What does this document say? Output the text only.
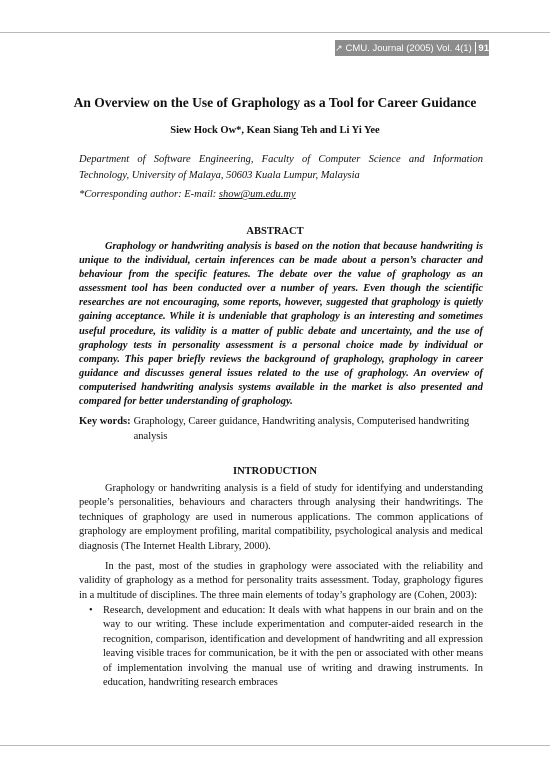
↗ CMU. Journal (2005) Vol. 4(1) 91
An Overview on the Use of Graphology as a Tool for Career Guidance
Siew Hock Ow*, Kean Siang Teh and Li Yi Yee
Department of Software Engineering, Faculty of Computer Science and Information Technology, University of Malaya, 50603 Kuala Lumpur, Malaysia
*Corresponding author: E-mail: show@um.edu.my
ABSTRACT

Graphology or handwriting analysis is based on the notion that because handwriting is unique to the individual, certain inferences can be made about a person’s character and behaviour from the specific features. The debate over the value of graphology as an assessment tool has been conducted over a number of years. Even though the scientific researches are not encouraging, some reports, however, suggested that graphology is quietly gaining acceptance. While it is undeniable that graphology is an interesting and sometimes useful procedure, its validity is a matter of public debate and uncertainty, and the use of graphology tests in personality assessment is a personal choice made by individual or company. This paper briefly reviews the background of graphology, graphology in career guidance and discusses general issues related to the use of graphology. An overview of computerised handwriting analysis systems available in the market is also presented and compared for better understanding of graphology.

Key words: Graphology, Career guidance, Handwriting analysis, Computerised handwriting analysis
INTRODUCTION

Graphology or handwriting analysis is a field of study for identifying and understanding people’s personalities, behaviours and characters through analysing their handwritings. The techniques of graphology are used in numerous applications. The common applications of graphology are employment profiling, marital compatibility, psychological analysis and medical diagnosis (The Internet Health Library, 2000).

In the past, most of the studies in graphology were associated with the reliability and validity of graphology as a method for personality traits assessment. Today, graphology figures in a multitude of disciplines. The three main elements of today’s graphology are (Cohen, 2003):

• Research, development and education: It deals with what happens in our brain and on the way to our writing. These include experimentation and computer-aided research in the recognition, comparison, identification and development of handwriting and all expression leaving visible traces for communication, be it with the pen or associated with other means of implementation involving the manual use of writing and drawing instruments. In education, handwriting research embraces
